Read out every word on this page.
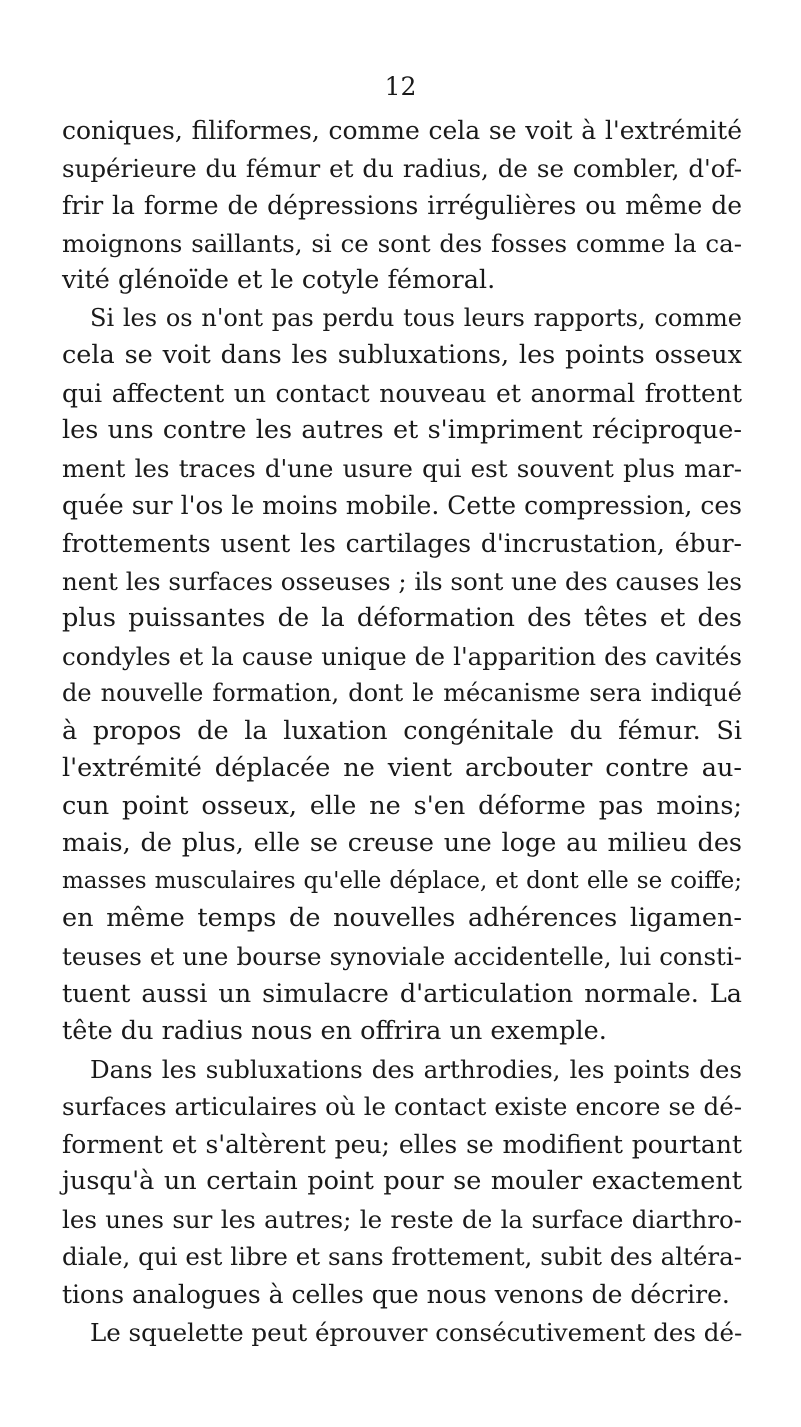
12
coniques, filiformes, comme cela se voit à l'extrémité
supérieure du fémur et du radius, de se combler, d'of-
frir la forme de dépressions irrégulières ou même de
moignons saillants, si ce sont des fosses comme la ca-
vité glénoïde et le cotyle fémoral.
Si les os n'ont pas perdu tous leurs rapports, comme
cela se voit dans les subluxations, les points osseux
qui affectent un contact nouveau et anormal frottent
les uns contre les autres et s'impriment réciproque-
ment les traces d'une usure qui est souvent plus mar-
quée sur l'os le moins mobile. Cette compression, ces
frottements usent les cartilages d'incrustation, ébur-
nent les surfaces osseuses ; ils sont une des causes les
plus puissantes de la déformation des têtes et des
condyles et la cause unique de l'apparition des cavités
de nouvelle formation, dont le mécanisme sera indiqué
à propos de la luxation congénitale du fémur. Si
l'extrémité déplacée ne vient arcbouter contre au-
cun point osseux, elle ne s'en déforme pas moins;
mais, de plus, elle se creuse une loge au milieu des
masses musculaires qu'elle déplace, et dont elle se coiffe;
en même temps de nouvelles adhérences ligamen-
teuses et une bourse synoviale accidentelle, lui consti-
tuent aussi un simulacre d'articulation normale. La
tête du radius nous en offrira un exemple.
Dans les subluxations des arthrodies, les points des
surfaces articulaires où le contact existe encore se dé-
forment et s'altèrent peu; elles se modifient pourtant
jusqu'à un certain point pour se mouler exactement
les unes sur les autres; le reste de la surface diarthro-
diale, qui est libre et sans frottement, subit des altéra-
tions analogues à celles que nous venons de décrire.
Le squelette peut éprouver consécutivement des dé-
